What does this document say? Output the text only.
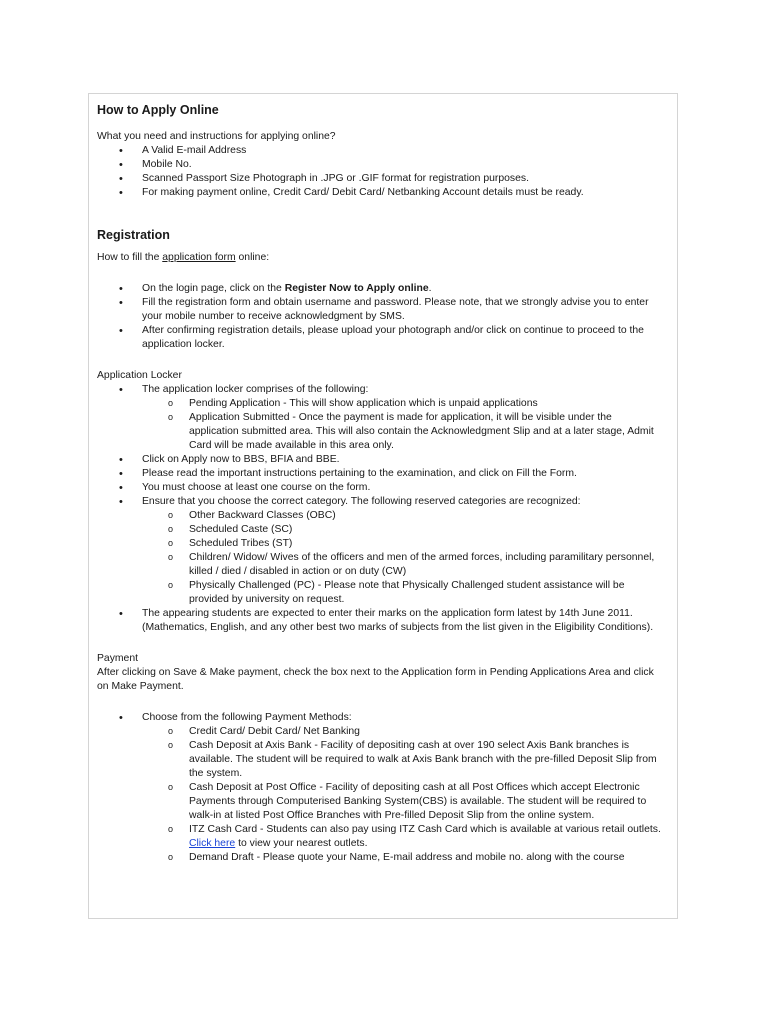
How to Apply Online

What you need and instructions for applying online?

• A Valid E-mail Address
• Mobile No.
• Scanned Passport Size Photograph in .JPG or .GIF format for registration purposes.
• For making payment online, Credit Card/ Debit Card/ Netbanking Account details must be ready.
Registration

How to fill the application form online:

• On the login page, click on the Register Now to Apply online.
• Fill the registration form and obtain username and password. Please note, that we strongly advise you to enter your mobile number to receive acknowledgment by SMS.
• After confirming registration details, please upload your photograph and/or click on continue to proceed to the application locker.

Application Locker

• The application locker comprises of the following:
o Pending Application - This will show application which is unpaid applications
o Application Submitted - Once the payment is made for application, it will be visible under the application submitted area. This will also contain the Acknowledgment Slip and at a later stage, Admit Card will be made available in this area only.
• Click on Apply now to BBS, BFIA and BBE.
• Please read the important instructions pertaining to the examination, and click on Fill the Form.
• You must choose at least one course on the form.
• Ensure that you choose the correct category. The following reserved categories are recognized:
o Other Backward Classes (OBC)
o Scheduled Caste (SC)
o Scheduled Tribes (ST)
o Children/ Widow/ Wives of the officers and men of the armed forces, including paramilitary personnel, killed / died / disabled in action or on duty (CW)
o Physically Challenged (PC) - Please note that Physically Challenged student assistance will be provided by university on request.
• The appearing students are expected to enter their marks on the application form latest by 14th June 2011. (Mathematics, English, and any other best two marks of subjects from the list given in the Eligibility Conditions).

Payment

After clicking on Save & Make payment, check the box next to the Application form in Pending Applications Area and click on Make Payment.

• Choose from the following Payment Methods:
o Credit Card/ Debit Card/ Net Banking
o Cash Deposit at Axis Bank - Facility of depositing cash at over 190 select Axis Bank branches is available. The student will be required to walk at Axis Bank branch with the pre-filled Deposit Slip from the system.
o Cash Deposit at Post Office - Facility of depositing cash at all Post Offices which accept Electronic Payments through Computerised Banking System(CBS) is available. The student will be required to walk-in at listed Post Office Branches with Pre-filled Deposit Slip from the online system.
o ITZ Cash Card - Students can also pay using ITZ Cash Card which is available at various retail outlets. Click here to view your nearest outlets.
o Demand Draft - Please quote your Name, E-mail address and mobile no. along with the course
